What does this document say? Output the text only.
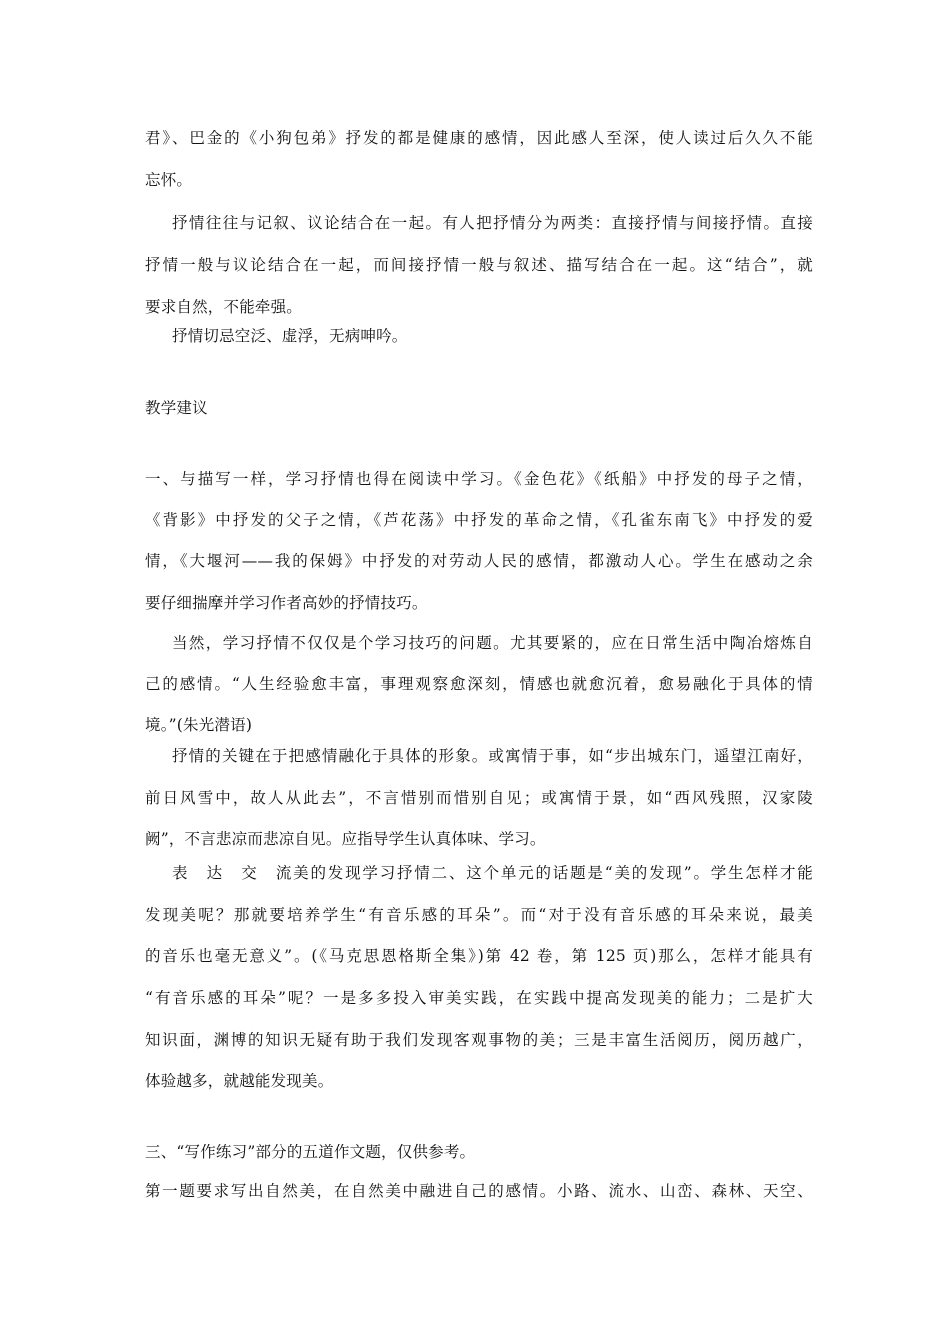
君》、巴金的《小狗包弟》抒发的都是健康的感情，因此感人至深，使人读过后久久不能
忘怀。
抒情往往与记叙、议论结合在一起。有人把抒情分为两类：直接抒情与间接抒情。直接
抒情一般与议论结合在一起，而间接抒情一般与叙述、描写结合在一起。这“结合”，就
要求自然，不能牵强。
抒情切忌空泛、虚浮，无病呻吟。
教学建议
一、与描写一样，学习抒情也得在阅读中学习。《金色花》《纸船》中抒发的母子之情，
《背影》中抒发的父子之情，《芦花荡》中抒发的革命之情，《孔雀东南飞》中抒发的爱
情，《大堰河——我的保姆》中抒发的对劳动人民的感情，都激动人心。学生在感动之余
要仔细揣摩并学习作者高妙的抒情技巧。
当然，学习抒情不仅仅是个学习技巧的问题。尤其要紧的，应在日常生活中陶冶熔炼自
己的感情。“人生经验愈丰富，事理观察愈深刻，情感也就愈沉着，愈易融化于具体的情
境。”(朱光潜语)
抒情的关键在于把感情融化于具体的形象。或寓情于事，如“步出城东门，遥望江南好，
前日风雪中，故人从此去”，不言惜别而惜别自见；或寓情于景，如“西风残照，汉家陵
阙”，不言悲凉而悲凉自见。应指导学生认真体味、学习。
表　达　交　流美的发现学习抒情二、这个单元的话题是“美的发现”。学生怎样才能
发现美呢？那就要培养学生“有音乐感的耳朵”。而“对于没有音乐感的耳朵来说，最美
的音乐也毫无意义”。(《马克思恩格斯全集》)第 42 卷，第 125 页)那么，怎样才能具有
“有音乐感的耳朵”呢？一是多多投入审美实践，在实践中提高发现美的能力；二是扩大
知识面，渊博的知识无疑有助于我们发现客观事物的美；三是丰富生活阅历，阅历越广，
体验越多，就越能发现美。
三、“写作练习”部分的五道作文题，仅供参考。
第一题要求写出自然美，在自然美中融进自己的感情。小路、流水、山峦、森林、天空、
